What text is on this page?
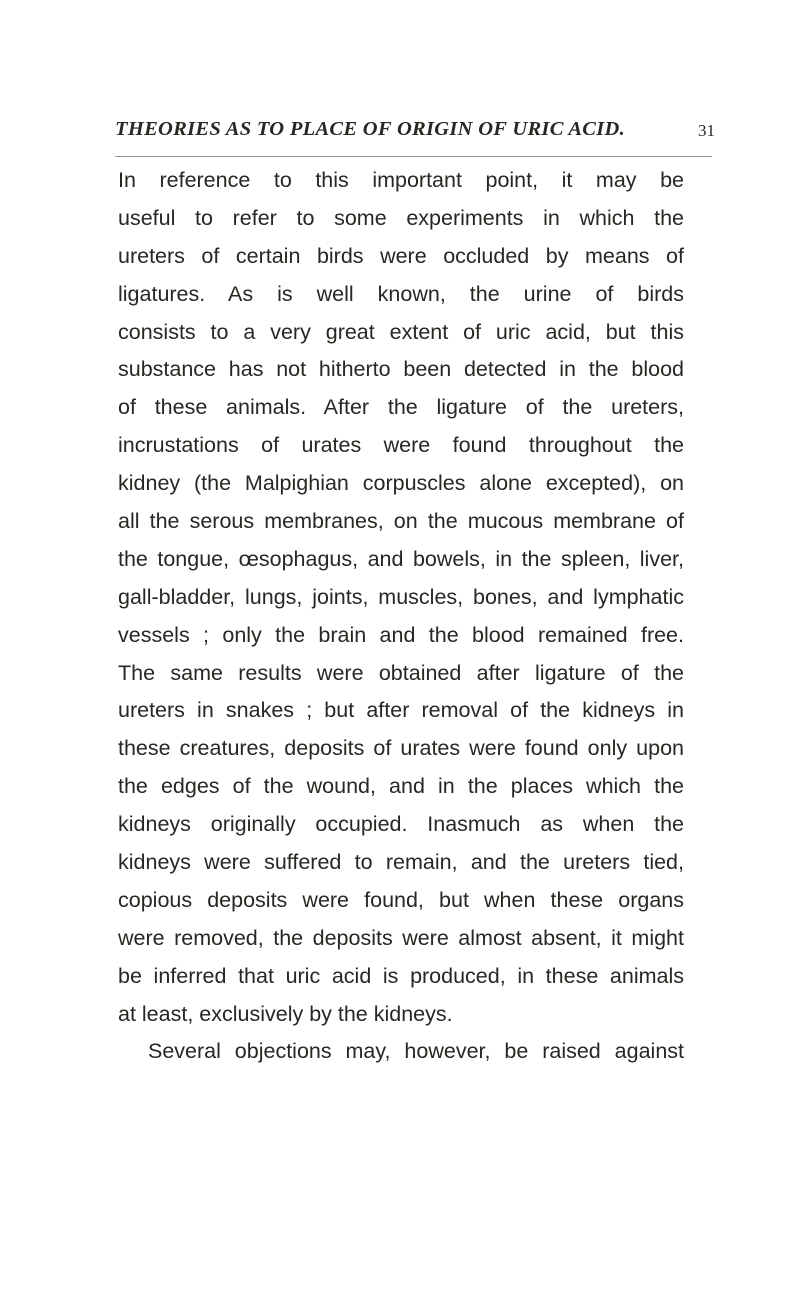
THEORIES AS TO PLACE OF ORIGIN OF URIC ACID.	31
In reference to this important point, it may be
useful to refer to some experiments in which the
ureters of certain birds were occluded by means of
ligatures. As is well known, the urine of birds
consists to a very great extent of uric acid, but this
substance has not hitherto been detected in the blood
of these animals. After the ligature of the ureters,
incrustations of urates were found throughout the
kidney (the Malpighian corpuscles alone excepted), on
all the serous membranes, on the mucous membrane of
the tongue, œsophagus, and bowels, in the spleen, liver,
gall-bladder, lungs, joints, muscles, bones, and lymphatic
vessels ; only the brain and the blood remained free.
The same results were obtained after ligature of the
ureters in snakes ; but after removal of the kidneys in
these creatures, deposits of urates were found only upon
the edges of the wound, and in the places which the
kidneys originally occupied. Inasmuch as when the
kidneys were suffered to remain, and the ureters tied,
copious deposits were found, but when these organs
were removed, the deposits were almost absent, it might
be inferred that uric acid is produced, in these animals
at least, exclusively by the kidneys.
Several objections may, however, be raised against
